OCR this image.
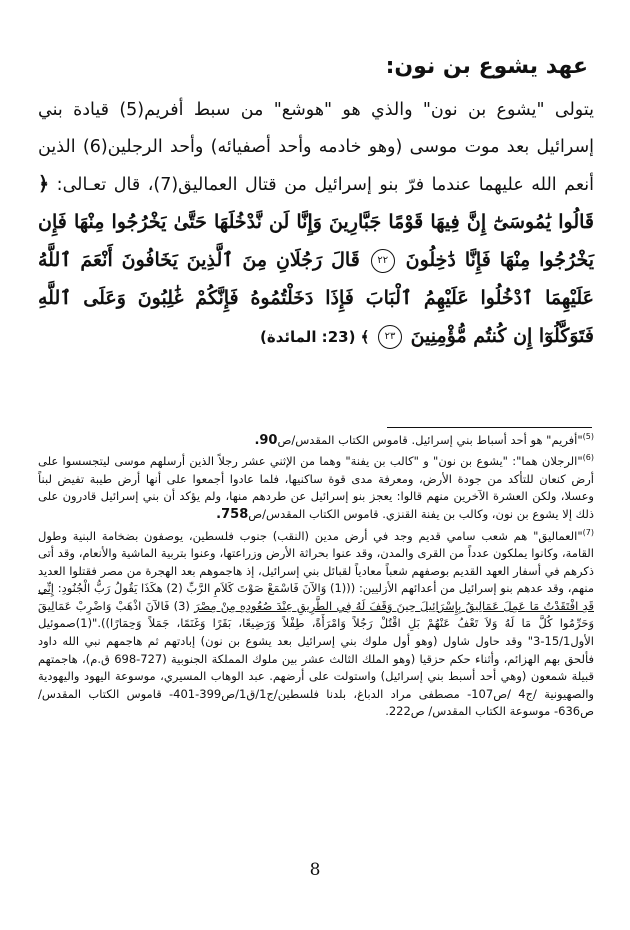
عهد يشوع بن نون:

يتولى "يشوع بن نون" والذي هو "هوشع" من سبط أفريم(5) قيادة بني إسرائيل بعد موت موسى (وهو خادمه وأحد أصفيائه) وأحد الرجلين(6) الذين أنعم الله عليهما عندما فرّ بنو إسرائيل من قتال العماليق(7)، قال تعـالى: ﴿ قَالُوا يَٰمُوسَىٰٓ إِنَّ فِيهَا قَوْمًا جَبَّارِينَ وَإِنَّا لَن نَّدْخُلَهَا حَتَّىٰ يَخْرُجُوا مِنْهَا فَإِن يَخْرُجُوا مِنْهَا فَإِنَّا دَٰخِلُونَ ٢٢ قَالَ رَجُلَانِ مِنَ ٱلَّذِينَ يَخَافُونَ أَنْعَمَ ٱللَّهُ عَلَيْهِمَا ٱدْخُلُوا عَلَيْهِمُ ٱلْبَابَ فَإِذَا دَخَلْتُمُوهُ فَإِنَّكُمْ غَٰلِبُونَ وَعَلَى ٱللَّهِ فَتَوَكَّلُوٓا إِن كُنتُم مُّؤْمِنِينَ ٢٣ ﴾ (23: المائدة)

$^{(5)}$"أفريم" هو أحد أسباط بني إسرائيل. قاموس الكتاب المقدس/ص90.

$^{(6)}$"الرجلان هما": "يشوع بن نون" و "كالب بن يفنة" وهما من الإثني عشر رجلاً الذين أرسلهم موسى ليتجسسوا على أرض كنعان للتأكد من جودة الأرض، ومعرفة مدى قوة ساكنيها، فلما عادوا أجمعوا على أنها أرض طيبة تفيض لبناً وعسلا، ولكن العشرة الآخرين منهم قالوا: يعجز بنو إسرائيل عن طردهم منها، ولم يؤكد أن بني إسرائيل قادرون على ذلك إلا يشوع بن نون، وكالب بن يفنة القنزي. قاموس الكتاب المقدس/ص758.

$^{(7)}$"العماليق" هم شعب سامي قديم وجد في أرض مدين (النقب) جنوب فلسطين، يوصفون بضخامة البنية وطول القامة، وكانوا يملكون عدداً من القرى والمدن، وقد عنوا بحراثة الأرض وزراعتها، وعنوا بتربية الماشية والأنعام، وقد أتى ذكرهم في أسفار العهد القديم بوصفهم شعباً معادياً لقبائل بني إسرائيل، إذ هاجموهم بعد الهجرة من مصر فقتلوا العديد منهم، وقد عدهم بنو إسرائيل من أعدائهم الأزليين: (((1) وَالآنَ فَاسْمَعْ صَوْتَ كَلاَمِ الرَّبِّ (2) هكَذَا يَقُولُ رَبُّ الْجُنُودِ: إِنِّي قَدِ افْتَقَدْتُ مَا عَمِلَ عَمَالِيقُ بِإِسْرَائِيلَ حِينَ وَقَفَ لَهُ فِي الطَّرِيقِ عِنْدَ صُعُودِهِ مِنْ مِصْرَ (3) فَالآنَ اذْهَبْ وَاضْرِبْ عَمَالِيقَ وَحَرِّمُوا كُلَّ مَا لَهُ وَلاَ تَعْفُ عَنْهُمْ بَلِ اقْتُلْ رَجُلاً وَامْرَأَةً، طِفْلاً وَرَضِيعًا، بَقَرًا وَغَنَمًا، جَمَلاً وَحِمَارًا))."(1)صموئيل الأول15/1-3" وقد حاول شاول (وهو أول ملوك بني إسرائيل بعد يشوع بن نون) إبادتهم ثم هاجمهم نبي الله داود فألحق بهم الهزائم، وأثناء حكم حزقيا (وهو الملك الثالث عشر بين ملوك المملكة الجنوبية (727-698 ق.م)، هاجمتهم قبيلة شمعون (وهي أحد أسبط بني إسرائيل) واستولت على أرضهم. عبد الوهاب المسيري، موسوعة اليهود واليهودية والصهيونية /ج4 /ص107- مصطفى مراد الدباغ، بلدنا فلسطين/ج1/ق1/ص399-401- قاموس الكتاب المقدس/ ص636- موسوعة الكتاب المقدس/ ص222.

8
